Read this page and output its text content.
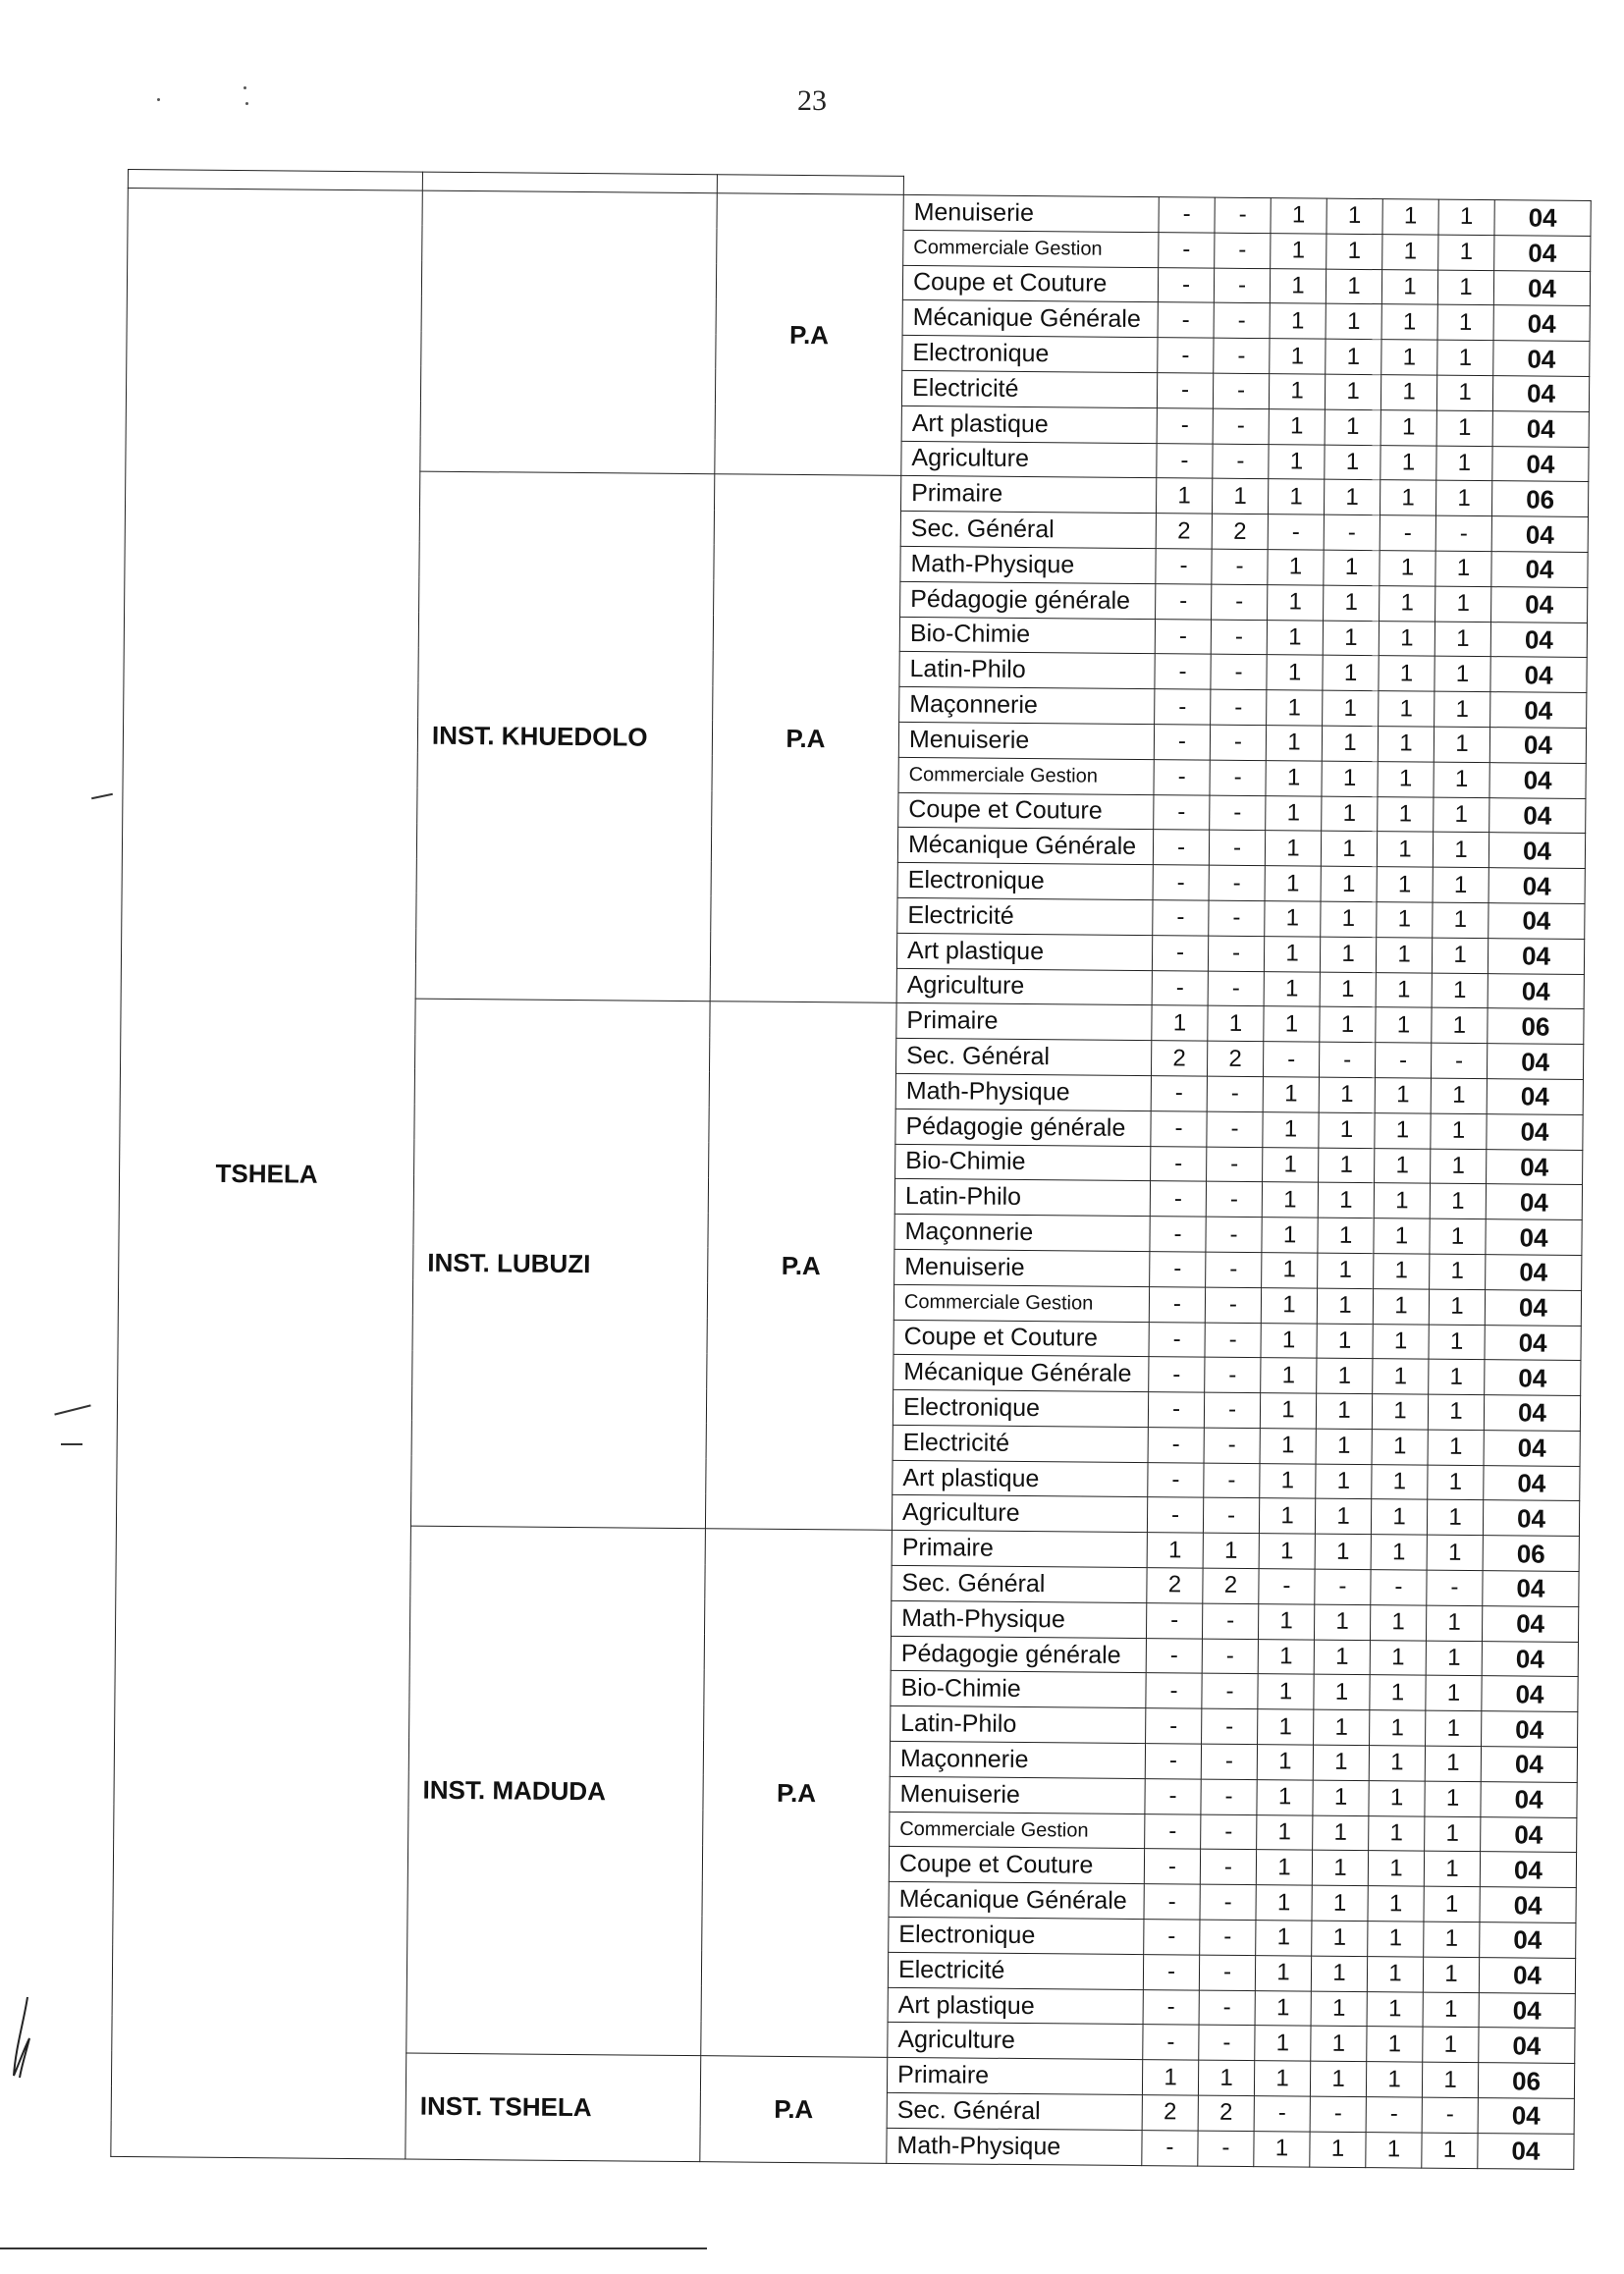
23

TSHELA		P.A	Menuiserie	-	-	1	1	1	1	04
			Commerciale Gestion	-	-	1	1	1	1	04
			Coupe et Couture	-	-	1	1	1	1	04
			Mécanique Générale	-	-	1	1	1	1	04
			Electronique	-	-	1	1	1	1	04
			Electricité	-	-	1	1	1	1	04
			Art plastique	-	-	1	1	1	1	04
			Agriculture	-	-	1	1	1	1	04
	INST. KHUEDOLO	P.A	Primaire	1	1	1	1	1	1	06
			Sec. Général	2	2	-	-	-	-	04
			Math-Physique	-	-	1	1	1	1	04
			Pédagogie générale	-	-	1	1	1	1	04
			Bio-Chimie	-	-	1	1	1	1	04
			Latin-Philo	-	-	1	1	1	1	04
			Maçonnerie	-	-	1	1	1	1	04
			Menuiserie	-	-	1	1	1	1	04
			Commerciale Gestion	-	-	1	1	1	1	04
			Coupe et Couture	-	-	1	1	1	1	04
			Mécanique Générale	-	-	1	1	1	1	04
			Electronique	-	-	1	1	1	1	04
			Electricité	-	-	1	1	1	1	04
			Art plastique	-	-	1	1	1	1	04
			Agriculture	-	-	1	1	1	1	04
	INST. LUBUZI	P.A	Primaire	1	1	1	1	1	1	06
			Sec. Général	2	2	-	-	-	-	04
			Math-Physique	-	-	1	1	1	1	04
			Pédagogie générale	-	-	1	1	1	1	04
			Bio-Chimie	-	-	1	1	1	1	04
			Latin-Philo	-	-	1	1	1	1	04
			Maçonnerie	-	-	1	1	1	1	04
			Menuiserie	-	-	1	1	1	1	04
			Commerciale Gestion	-	-	1	1	1	1	04
			Coupe et Couture	-	-	1	1	1	1	04
			Mécanique Générale	-	-	1	1	1	1	04
			Electronique	-	-	1	1	1	1	04
			Electricité	-	-	1	1	1	1	04
			Art plastique	-	-	1	1	1	1	04
			Agriculture	-	-	1	1	1	1	04
	INST. MADUDA	P.A	Primaire	1	1	1	1	1	1	06
			Sec. Général	2	2	-	-	-	-	04
			Math-Physique	-	-	1	1	1	1	04
			Pédagogie générale	-	-	1	1	1	1	04
			Bio-Chimie	-	-	1	1	1	1	04
			Latin-Philo	-	-	1	1	1	1	04
			Maçonnerie	-	-	1	1	1	1	04
			Menuiserie	-	-	1	1	1	1	04
			Commerciale Gestion	-	-	1	1	1	1	04
			Coupe et Couture	-	-	1	1	1	1	04
			Mécanique Générale	-	-	1	1	1	1	04
			Electronique	-	-	1	1	1	1	04
			Electricité	-	-	1	1	1	1	04
			Art plastique	-	-	1	1	1	1	04
			Agriculture	-	-	1	1	1	1	04
	INST. TSHELA	P.A	Primaire	1	1	1	1	1	1	06
			Sec. Général	2	2	-	-	-	-	04
			Math-Physique	-	-	1	1	1	1	04
